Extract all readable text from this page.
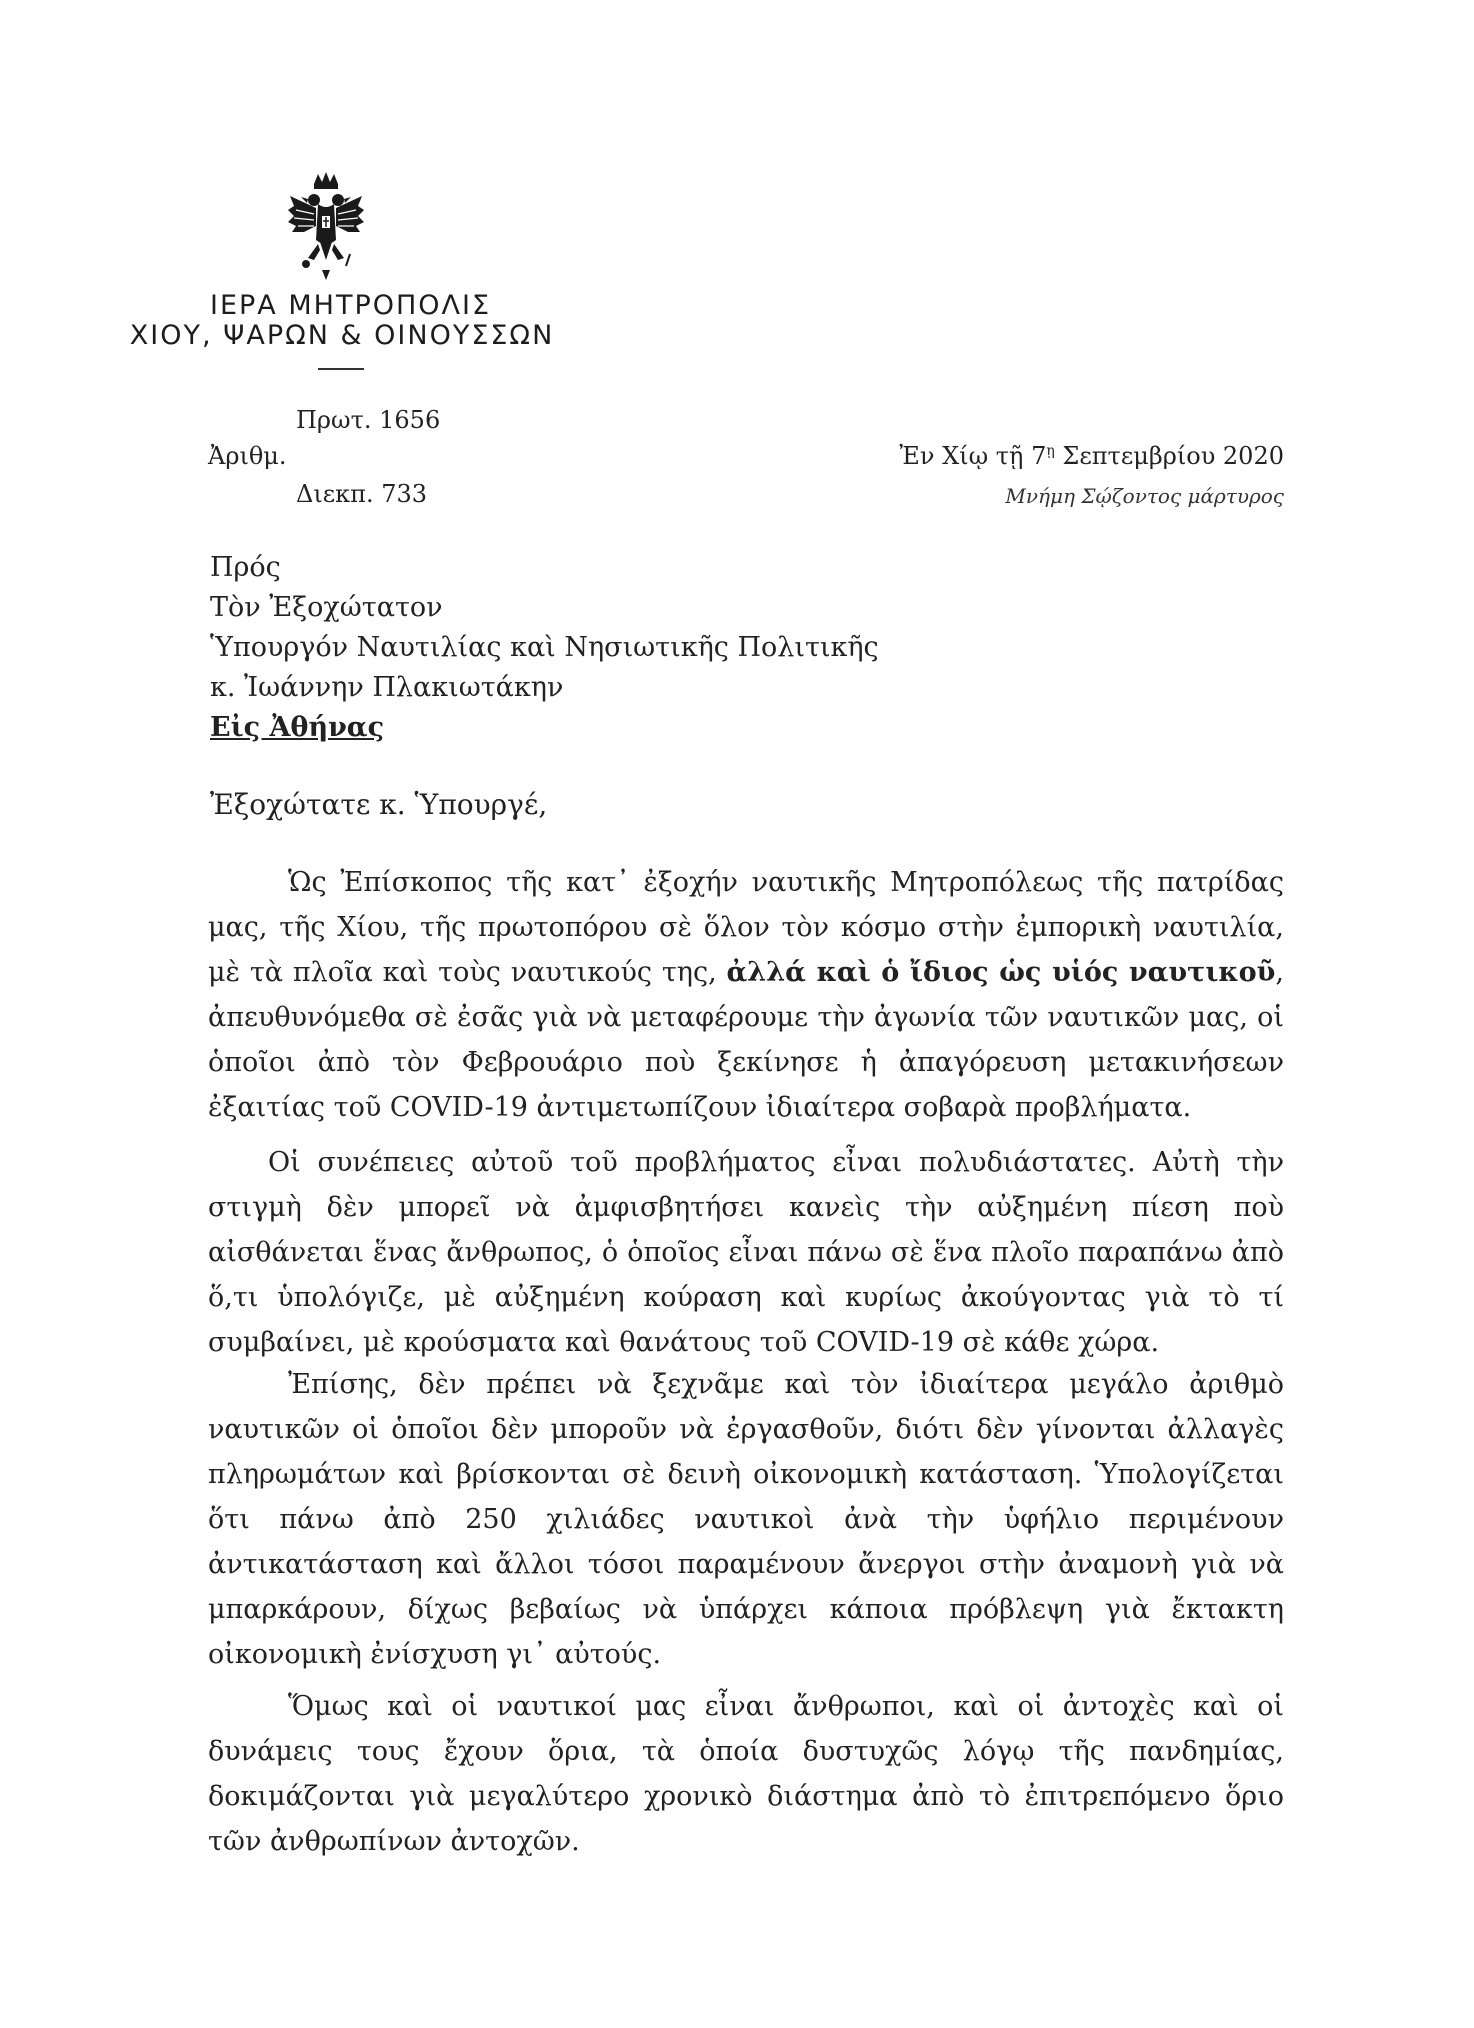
ΙΕΡΑ ΜΗΤΡΟΠΟΛΙΣ
ΧΙΟΥ, ΨΑΡΩΝ & ΟΙΝΟΥΣΣΩΝ
Πρωτ. 1656
Ἀριθμ.
Διεκπ. 733
Ἐν Χίῳ τῇ $7^ῃ$ Σεπτεμβρίου 2020
Μνήμη Σῴζοντος μάρτυρος
Πρός
Τὸν Ἐξοχώτατον
Ὑπουργόν Ναυτιλίας καὶ Νησιωτικῆς Πολιτικῆς
κ. Ἰωάννην Πλακιωτάκην
Εἰς Ἀθήνας
Ἐξοχώτατε κ. Ὑπουργέ,
Ὡς Ἐπίσκοπος τῆς κατ᾽ ἐξοχήν ναυτικῆς Μητροπόλεως τῆς πατρίδας μας, τῆς Χίου, τῆς πρωτοπόρου σὲ ὅλον τὸν κόσμο στὴν ἐμπορικὴ ναυτιλία, μὲ τὰ πλοῖα καὶ τοὺς ναυτικούς της, ἀλλά καὶ ὁ ἴδιος ὡς υἱός ναυτικοῦ, ἀπευθυνόμεθα σὲ ἐσᾶς γιὰ νὰ μεταφέρουμε τὴν ἀγωνία τῶν ναυτικῶν μας, οἱ ὁποῖοι ἀπὸ τὸν Φεβρουάριο ποὺ ξεκίνησε ἡ ἀπαγόρευση μετακινήσεων ἐξαιτίας τοῦ COVID-19 ἀντιμετωπίζουν ἰδιαίτερα σοβαρὰ προβλήματα.
Οἱ συνέπειες αὐτοῦ τοῦ προβλήματος εἶναι πολυδιάστατες. Αὐτὴ τὴν στιγμὴ δὲν μπορεῖ νὰ ἀμφισβητήσει κανεὶς τὴν αὐξημένη πίεση ποὺ αἰσθάνεται ἕνας ἄνθρωπος, ὁ ὁποῖος εἶναι πάνω σὲ ἕνα πλοῖο παραπάνω ἀπὸ ὅ,τι ὑπολόγιζε, μὲ αὐξημένη κούραση καὶ κυρίως ἀκούγοντας γιὰ τὸ τί συμβαίνει, μὲ κρούσματα καὶ θανάτους τοῦ COVID-19 σὲ κάθε χώρα.
Ἐπίσης, δὲν πρέπει νὰ ξεχνᾶμε καὶ τὸν ἰδιαίτερα μεγάλο ἀριθμὸ ναυτικῶν οἱ ὁποῖοι δὲν μποροῦν νὰ ἐργασθοῦν, διότι δὲν γίνονται ἀλλαγὲς πληρωμάτων καὶ βρίσκονται σὲ δεινὴ οἰκονομικὴ κατάσταση. Ὑπολογίζεται ὅτι πάνω ἀπὸ 250 χιλιάδες ναυτικοὶ ἀνὰ τὴν ὑφήλιο περιμένουν ἀντικατάσταση καὶ ἄλλοι τόσοι παραμένουν ἄνεργοι στὴν ἀναμονὴ γιὰ νὰ μπαρκάρουν, δίχως βεβαίως νὰ ὑπάρχει κάποια πρόβλεψη γιὰ ἔκτακτη οἰκονομικὴ ἐνίσχυση γι᾽ αὐτούς.
Ὅμως καὶ οἱ ναυτικοί μας εἶναι ἄνθρωποι, καὶ οἱ ἀντοχὲς καὶ οἱ δυνάμεις τους ἔχουν ὅρια, τὰ ὁποία δυστυχῶς λόγῳ τῆς πανδημίας, δοκιμάζονται γιὰ μεγαλύτερο χρονικὸ διάστημα ἀπὸ τὸ ἐπιτρεπόμενο ὅριο τῶν ἀνθρωπίνων ἀντοχῶν.
